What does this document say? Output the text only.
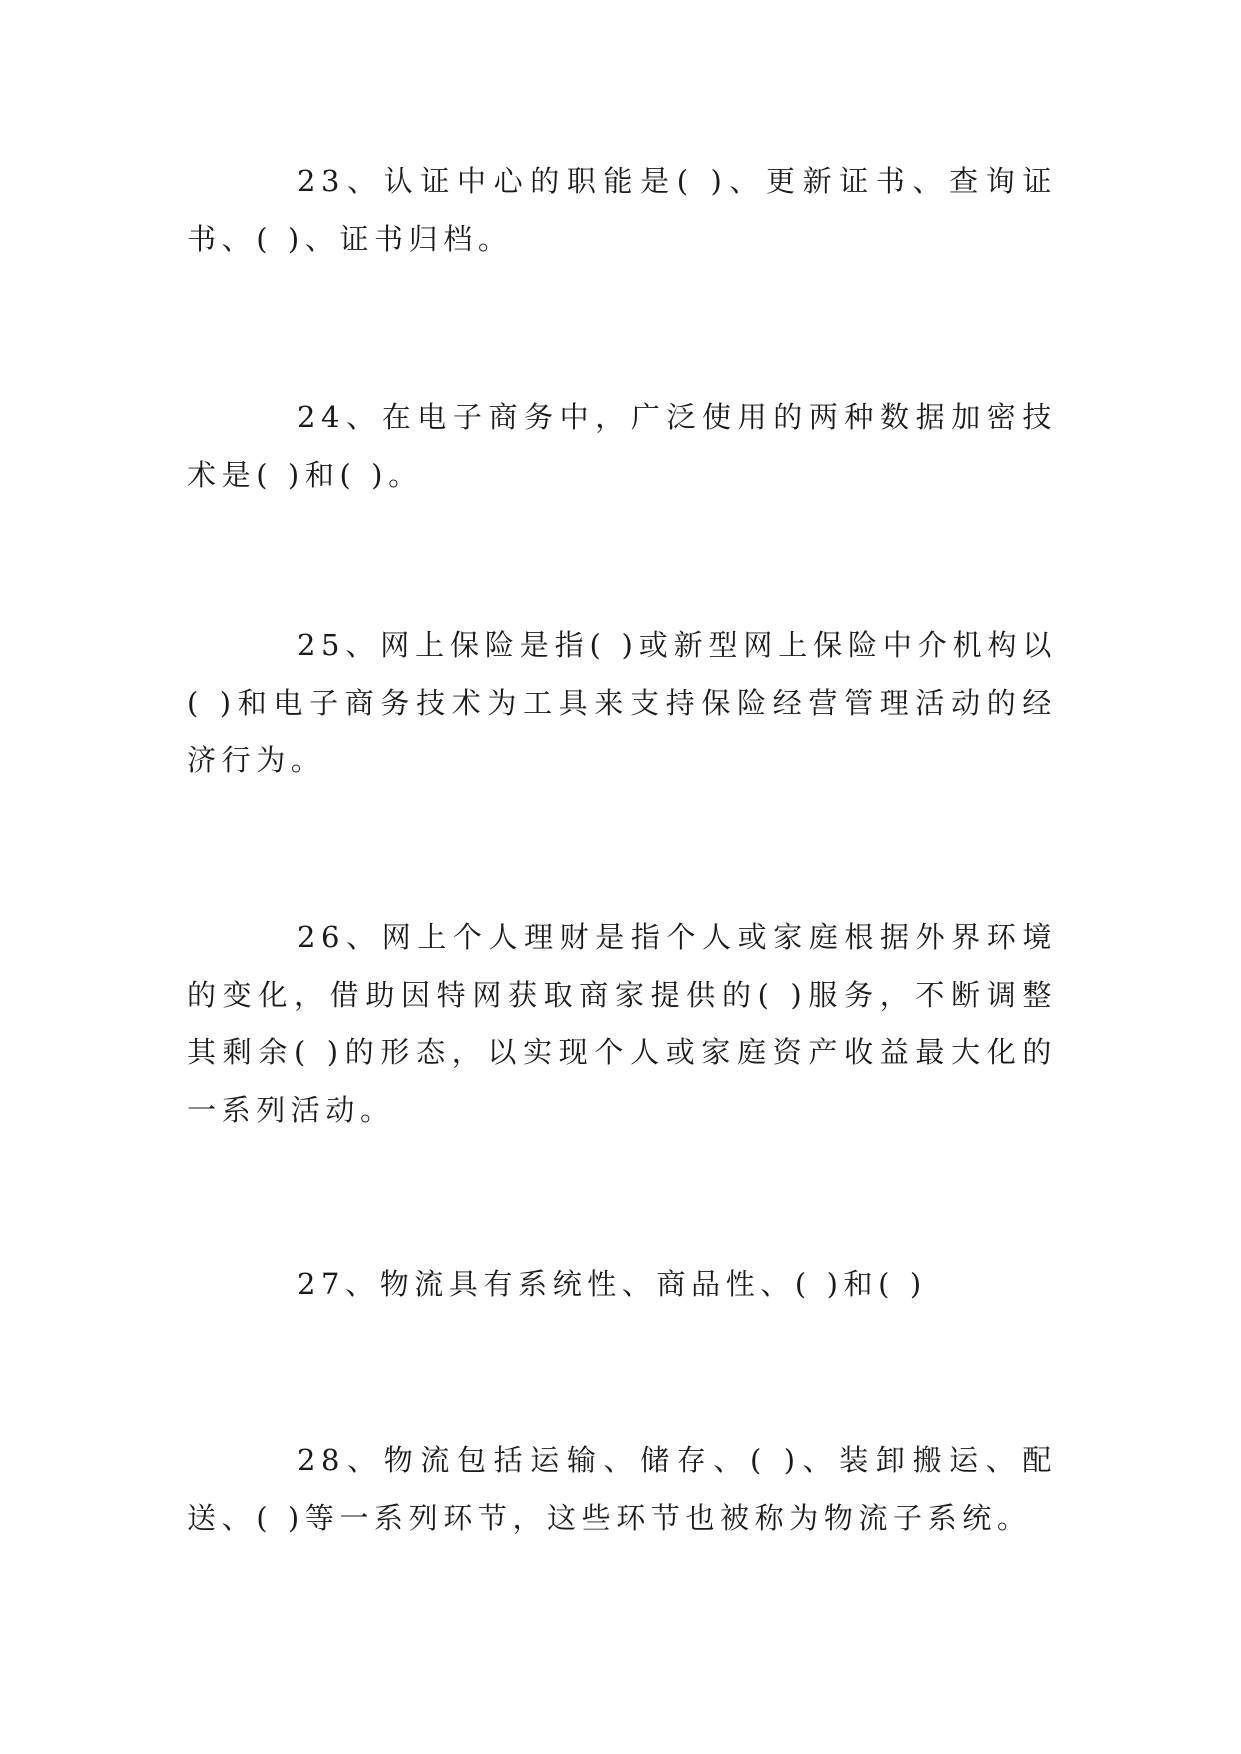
23、认证中心的职能是( )、更新证书、查询证书、( )、证书归档。

24、在电子商务中，广泛使用的两种数据加密技术是( )和( )。

25、网上保险是指( )或新型网上保险中介机构以( )和电子商务技术为工具来支持保险经营管理活动的经济行为。

26、网上个人理财是指个人或家庭根据外界环境的变化，借助因特网获取商家提供的( )服务，不断调整其剩余( )的形态，以实现个人或家庭资产收益最大化的一系列活动。

27、物流具有系统性、商品性、( )和( )

28、物流包括运输、储存、( )、装卸搬运、配送、( )等一系列环节，这些环节也被称为物流子系统。
